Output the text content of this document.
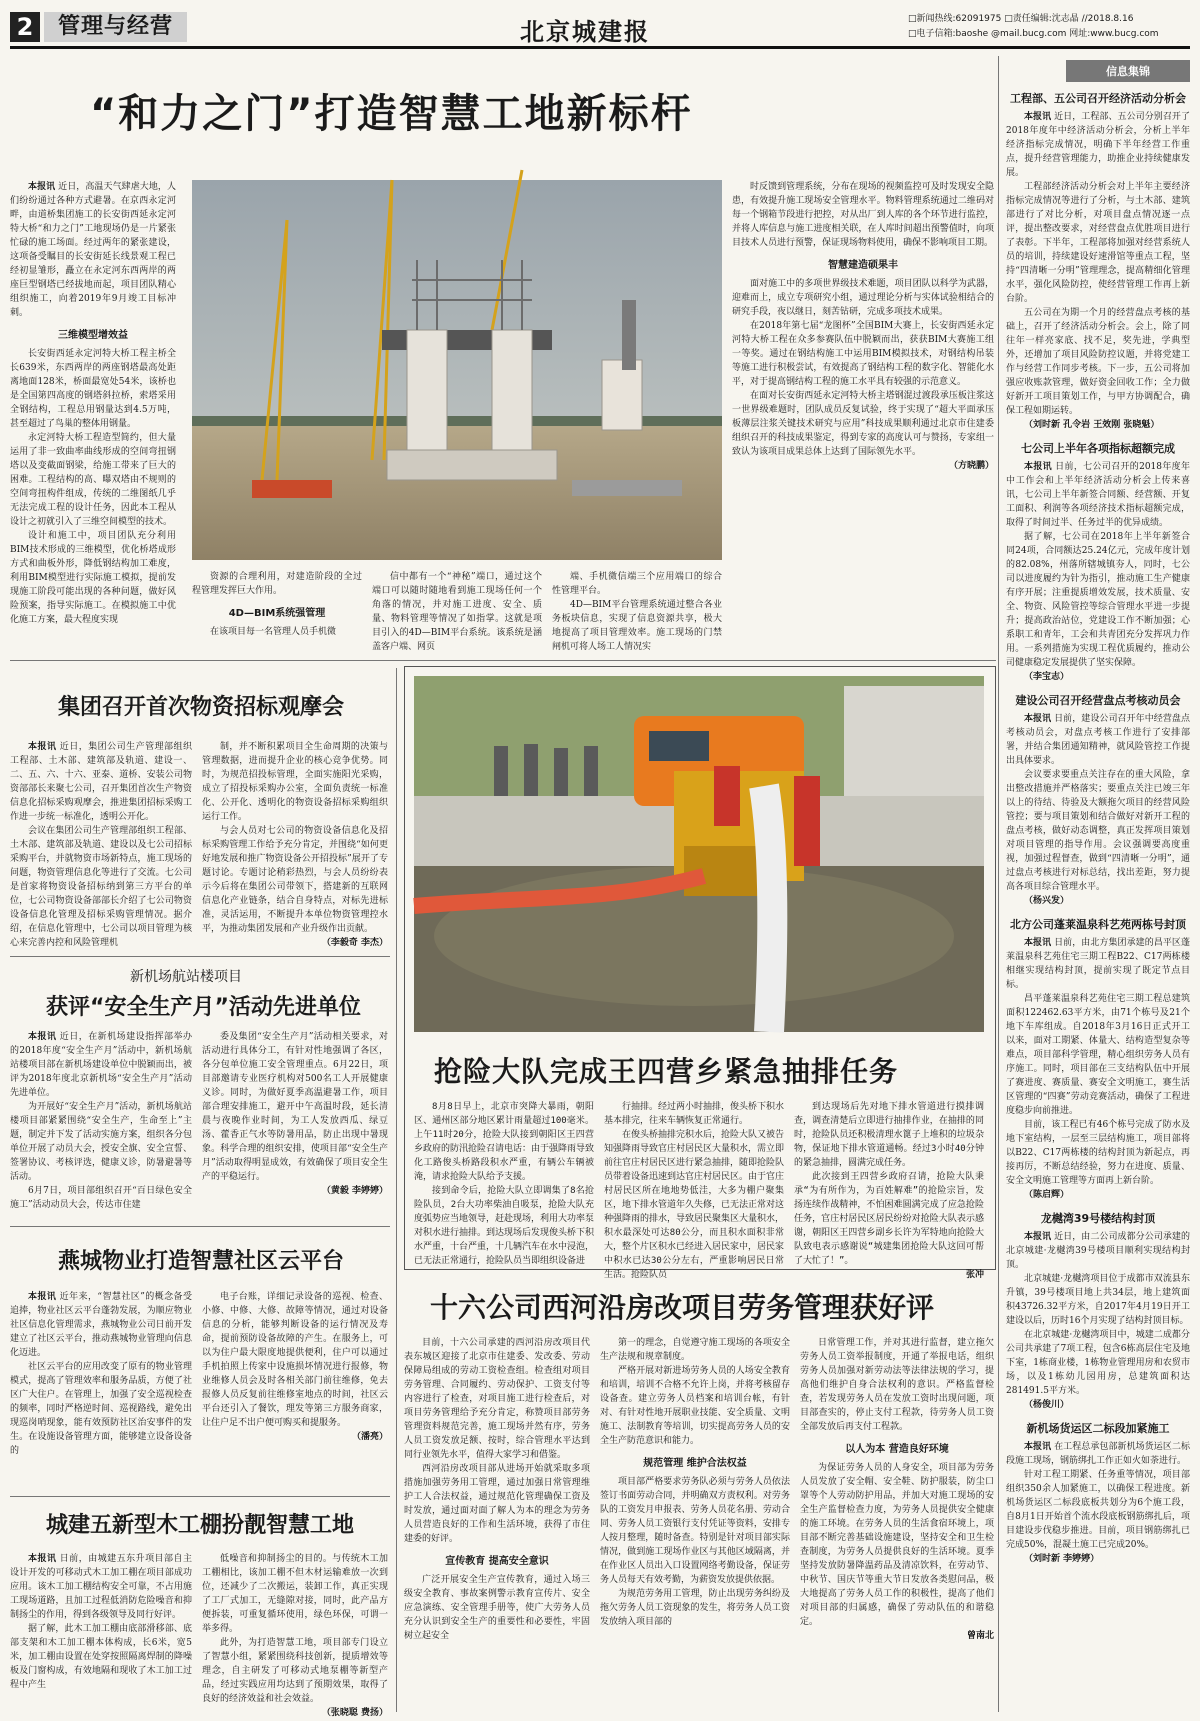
2	管理与经营	北京城建报	□新闻热线:62091975 □责任编辑:沈志晶 //2018.8.16
□电子信箱:baoshe @mail.bucg.com 网址:www.bucg.com
“和力之门”打造智慧工地新标杆

本报讯 近日，高温天气肆虐大地，人们纷纷通过各种方式避暑。在京西永定河畔，由道桥集团施工的长安街西延永定河特大桥“和力之门”工地现场仍是一片紧张忙碌的施工场面。经过两年的紧张建设，这项备受瞩目的长安街延长线景观工程已经初显雏形，矗立在永定河东西两岸的两座巨型钢塔已经拔地而起，项目团队精心组织施工，向着2019年9月竣工目标冲刺。

三维模型增效益

长安街西延永定河特大桥工程主桥全长639米，东西两岸的两座钢塔最高处距离地面128米，桥面最宽处54米，该桥也是全国第四高度的钢塔斜拉桥，索塔采用全钢结构，工程总用钢量达到4.5万吨，甚至超过了鸟巢的整体用钢量。

永定河特大桥工程造型简约，但大量运用了非一致曲率曲线形成的空间弯扭钢塔以及变截面钢梁，给施工带来了巨大的困难。工程结构的高、曝双塔由不规则的空间弯扭构件组成，传统的二维图纸几乎无法完成工程的设计任务，因此本工程从设计之初就引入了三维空间模型的技术。

设计和施工中，项目团队充分利用BIM技术形成的三维模型，优化桥塔成形方式和曲板外形，降低钢结构加工难度，利用BIM模型进行实际施工模拟，提前发现施工阶段可能出现的各种问题，做好风险预案，指导实际施工。在模拟施工中优化施工方案，最大程度实现

资源的合理利用，对建造阶段的全过程管理发挥巨大作用。

4D—BIM系统强管理

在该项目每一名管理人员手机微

信中都有一个“神秘”端口，通过这个端口可以随时随地看到施工现场任何一个角落的情况，并对施工进度、安全、质量、物料管理等情况了如指掌。这就是项目引入的4D—BIM平台系统。该系统是涵盖客户端、网页

端、手机微信端三个应用端口的综合性管理平台。

4D—BIM平台管理系统通过整合各业务板块信息，实现了信息资源共享，极大地提高了项目管理效率。施工现场的门禁闸机可将人场工人情况实

时反馈到管理系统，分布在现场的视频监控可及时发现安全隐患，有效提升施工现场安全管理水平。物料管理系统通过二维码对每一个钢箱节段进行把控，对从出厂到人库的各个环节进行监控，并将人库信息与施工进度相关联，在人库时间超出预警值时，向项目技术人员进行预警，保证现场物料使用，确保不影响项目工期。

智慧建造硕果丰

面对施工中的多项世界级技术难题，项目团队以科学为武器，迎难而上，成立专项研究小组，通过理论分析与实体试验相结合的研究手段，夜以继日，刻苦钻研，完成多项技术成果。

在2018年第七届“龙图杯”全国BIM大赛上，长安街西延永定河特大桥工程在众多参赛队伍中脱颖而出，获获BIM大赛施工组一等奖。通过在钢结构施工中运用BIM模拟技术，对钢结构吊装等施工进行积极尝试，有效提高了钢结构工程的数字化、智能化水平，对于提高钢结构工程的施工水平具有较强的示范意义。

在面对长安街西延永定河特大桥主塔钢混过渡段承压板注浆这一世界级难题时，团队成员反复试验，终于实现了“超大平面承压板薄层注浆关键技术研究与应用”科技成果顺利通过北京市住建委组织召开的科技成果鉴定，得到专家的高度认可与赞扬，专家组一致认为该项目成果总体上达到了国际领先水平。

（方晓鹏）
集团召开首次物资招标观摩会

本报讯 近日，集团公司生产管理部组织工程部、土木部、建筑部及轨道、建设一、二、五、六、十六、亚泰、道桥、安装公司物资部部长来聚七公司，召开集团首次生产物资信息化招标采购观摩会，推进集团招标采购工作进一步统一标准化，透明公开化。

会议在集团公司生产管理部组织工程部、土木部、建筑部及轨道、建设以及七公司招标采购平台，并就物资市场新特点，施工现场的问题，物资管理信息化等进行了交流。七公司是首家将物资设备招标纳到第三方平台的单位，七公司物资设备部部长介绍了七公司物资设备信息化管理及招标采购管理情况。据介绍，在信息化管理中，七公司以项目管理为核心来完善内控和风险管理机

制，并不断积累项目全生命周期的决策与管理数据，进而提升企业的核心竞争优势。同时，为规范招投标管理，全面实施阳光采购，成立了招投标采购办公室，全面负责统一标准化、公开化、透明化的物资设备招标采购组织运行工作。

与会人员对七公司的物资设备信息化及招标采购管理工作给予充分肯定，并围绕“如何更好地发展和推广物资设备公开招投标”展开了专题讨论。专题讨论稍彩热烈，与会人员纷纷表示今后将在集团公司带领下，搭建新的互联网信息化产业链条，结合自身特点，对标先进标准，灵活运用，不断提升本单位物资管理控水平，为推动集团发展和产业升级作出贡献。

（李毅奇 李杰）
新机场航站楼项目
获评“安全生产月”活动先进单位

本报讯 近日，在新机场建设指挥部举办的2018年度“安全生产月”活动中，新机场航站楼项目部在新机场建设单位中脱颖而出，被评为2018年度北京新机场“安全生产月”活动先进单位。

为开展好“安全生产月”活动，新机场航站楼项目部紧紧围绕“安全生产，生命至上”主题，制定并下发了活动实施方案，组织各分包单位开展了动员大会，授安全旗、安全宣誓、签署协议、考核评选，健康义诊，防暑避暑等活动。

6月7日，项目部组织召开“百日绿色安全施工”活动动员大会，传达市住建

委及集团“安全生产月”活动相关要求，对活动进行具体分工，有针对性地强调了各区，各分包单位施工安全管理重点。6月22日，项目部邀请专业医疗机构对500名工人开展健康义诊。同时，为做好夏季高温避暑工作，项目部合理安排施工，避开中午高温时段，延长清晨与夜晚作业时间，为工人发放西瓜、绿豆汤、藿香正气水等防暑用品，防止出现中暑现象。科学合理的组织安排，使项目部“安全生产月”活动取得明显成效，有效确保了项目安全生产的平稳运行。

（黄毅 李婷婷）
燕城物业打造智慧社区云平台

本报讯 近年来，“智慧社区”的概念备受追捧，物业社区云平台蓬勃发展，为顺应物业社区信息化管理需求，燕城物业公司日前开发建立了社区云平台，推动燕城物业管理向信息化迈进。

社区云平台的应用改变了原有的物业管理模式，提高了管理效率和服务品质，方便了社区广大住户。在管理上，加强了安全巡视检查的频率，同时严格逆时间、巡视路线，避免出现巡岗哨现象，能有效预防社区治安事件的发生。在设施设备管理方面，能够建立设备设备的

电子台账，详细记录设备的巡视、检查、小修、中修、大修、故障等情况，通过对设备信息的分析，能够判断设备的运行情况及寿命，提前预防设备故障的产生。在服务上，可以为住户最大限度地提供便利，住户可以通过手机拍照上传家中设施损坏情况进行报修，物业维修人员会及时各相关部门前往维修，免去报修人员反复前往维修室地点的时间，社区云平台还引入了餐饮，理发等第三方服务商家，让住户足不出户便可购买和提服务。

（潘亮）
城建五新型木工棚扮靓智慧工地

本报讯 日前，由城建五东升项目部自主设计开发的可移动式木工加工棚在项目部成功应用。该木工加工棚结构安全可靠，不占用施工现场道路，且加工过程低消防危险噪音和抑制扬尘的作用，得到各级领导及同行好评。

据了解，此木工加工棚由底部滑移部、底部支架和木工加工棚本体构成，长6米，宽5米，加工棚由设置在处穿按照隔离焊制的降噪板及门窗构成，有效地隔和现收了木工加工过程中产生

低噪音和抑制扬尘的目的。与传统木工加工棚相比，该加工棚不但木材运输难放一次到位，还减少了二次搬运，装卸工作，真正实现了工厂式加工，无缝隙对接，同时，此产品方便拆装，可重复循环使用，绿色环保，可谓一举多得。

此外，为打造智慧工地，项目部专门设立了智慧小组，紧紧围绕科技创新，提质增效等理念，自主研发了可移动式地泵棚等新型产品，经过实践应用均达到了预期效果，取得了良好的经济效益和社会效益。

（张晓聪 费扬）
抢险大队完成王四营乡紧急抽排任务

8月8日早上，北京市突降大暴雨，朝阳区、通州区部分地区累计雨量超过100毫米。上午11时20分，抢险大队接到朝阳区王四营乡政府的防汛抢险召请电话：由于强降雨导致化工路俊头桥路段积水严重，有辆公车辆被淹，请求抢险大队给予支援。

接到命令后，抢险大队立即调集了8名抢险队员，2台大功率柴油自吸泵，抢险大队充度弧势应当地领导，赶赴现场，利用大功率泵对积水进行抽排。到达现场后发现俊头桥下积水严重，十台严重，十几辆汽车在水中浸泡，已无法正常通行，抢险队员当即组织设备进

行抽排。经过两小时抽排，俊头桥下积水基本排完，往来车辆恢复正常通行。

在俊头桥抽排完积水后，抢险大队又被告知强降雨导致官庄村居民区大量积水，需立即前往官庄村居民区进行紧急抽排，随即抢险队员带着设备迅速到达官庄村居民区。由于官庄村居民区所在地地势低洼，大多为棚户聚集区，地下排水管道年久失修，已无法正常对这种强降雨的排水，导致居民聚集区大量积水，积水最深处可达80公分，而且积水面积非常大，整个片区积水已经进入居民家中，居民家中积水已达30公分左右，严重影响居民日常生活。抢险队员

到达现场后先对地下排水管道进行摸排调查，调查清楚后立即进行抽排作业，在抽排的同时，抢险队员还积极清理水篦子上堆积的垃圾杂物，保证地下排水管道通畅。经过3小时40分钟的紧急抽排，圆满完成任务。

此次接到王四营乡政府召请，抢险大队秉承“为有所作为，为百姓解难”的抢险宗旨，发扬连续作战精神，不怕困难圆满完成了应急抢险任务，官庄村居民区居民纷纷对抢险大队表示感谢，朝阳区王四营乡副乡长许为军特地向抢险大队致电表示感谢说“城建集团抢险大队这回可帮了大忙了！”。

张冲
十六公司西河沿房改项目劳务管理获好评

目前，十六公司承建的西河沿房改项目代表东城区迎接了北京市住建委、发改委、劳动保障局组成的劳动工资检查组。检查组对项目劳务管理、合同履约、劳动保护、工资支付等内容进行了检查，对项目施工进行检查后，对项目劳务管理给予充分肯定，称赞项目部劳务管理资料规范完善，施工现场并然有序，劳务人员工资发放足额、按时，综合管理水平达到同行业领先水平，值得大家学习和借鉴。

西河沿房改项目部从进场开始就采取多项措施加强劳务用工管理，通过加强日常管理维护工人合法权益，通过规范化管理确保工资及时发放，通过面对面了解人为本的理念为劳务人员营造良好的工作和生活环境，获得了市住建委的好评。

宣传教育 提高安全意识

广泛开展安全生产宣传教育，通过入场三级安全教育、事故案例警示教育宣传片、安全应急演练、安全管理手册等，使广大劳务人员充分认识到安全生产的重要性和必要性，牢固树立起安全

第一的理念，自觉遵守施工现场的各项安全生产法规和规章制度。

严格开展对新进场劳务人员的人场安全教育和培训，培训不合格不允许上岗，并将考核留存设备查。建立劳务人员档案和培训台帐，有针对、有针对性地开展职业技能、安全质量、文明施工、法制教育等培训，切实提高劳务人员的安全生产防范意识和能力。

规范管理 维护合法权益

项目部严格要求劳务队必须与劳务人员依法签订书面劳动合同，并明确双方责权利。对劳务队的工资发月申报表、劳务人员花名册、劳动合同、劳务人员工资银行支付凭证等资料，安排专人按月整理，随时备查。特别是针对项目部实际情况，做到施工现场作业区与其他区域隔离，并在作业区人员出入口设置网络考勤设备，保证劳务人员每天有效考勤，为薪资发放提供依据。

为规范劳务用工管理，防止出现劳务纠纷及拖欠劳务人员工资现象的发生，将劳务人员工资发放纳入项目部的

日常管理工作，并对其进行监督，建立拖欠劳务人员工资举报制度，开通了举报电话，组织劳务人员加强对新劳动法等法律法规的学习，提高他们维护自身合法权利的意识。严格监督检查，若发现劳务人员在发放工资时出现问题，项目部查实的，停止支付工程款，待劳务人员工资全部发放后再支付工程款。

以人为本 营造良好环境

为保证劳务人员的人身安全，项目部为劳务人员发放了安全帽、安全鞋、防护服装，防尘口罩等个人劳动防护用品，并加大对施工现场的安全生产监督检查力度，为劳务人员提供安全健康的施工环境。在劳务人员的生活食宿环境上，项目部不断完善基础设施建设，坚持安全和卫生检查制度，为劳务人员提供良好的生活环境。夏季坚持发放防暑降温药品及清凉饮料，在劳动节、中秋节、国庆节等重大节日发放各类慰问品，极大地提高了劳务人员工作的积极性，提高了他们对项目部的归属感，确保了劳动队伍的和谐稳定。

曾南北
信息集锦
工程部、五公司召开经济活动分析会

本报讯 近日，工程部、五公司分别召开了2018年度年中经济活动分析会，分析上半年经济指标完成情况，明确下半年经营工作重点，提升经营管理能力，助推企业持续健康发展。

工程部经济活动分析会对上半年主要经济指标完成情况等进行了分析，与土木部、建筑部进行了对比分析，对项目盘点情况逐一点评，提出整改要求，对经营盘点优胜项目进行了表彰。下半年，工程部将加强对经营系统人员的培训，持续建设好速滑馆等重点工程，坚持“四清晰一分明”管理理念，提高精细化管理水平，强化风险防控，使经营管理工作再上新台阶。

五公司在为期一个月的经营盘点考核的基础上，召开了经济活动分析会。会上，除了同往年一样亮家底、找不足，奖先进，学典型外，还增加了项目风险防控议题，并将党建工作与经营工作同步考核。下一步，五公司将加强应收账款管理，做好资金回收工作；全力做好新开工项目策划工作，与甲方协调配合，确保工程如期运转。

（刘时新 孔令岩 王效刚 张晓魁）
七公司上半年各项指标超额完成

本报讯 日前，七公司召开的2018年度年中工作会和上半年经济活动分析会上传来喜讯，七公司上半年新签合同额、经营额、开复工面积、利润等各项经济技术指标超额完成，取得了时间过半、任务过半的优异成绩。

据了解，七公司在2018年上半年新签合同24项，合同额达25.24亿元，完成年度计划的82.08%，州落所辖城镇夯人，同时，七公司以进度履约为针为指引，推动施工生产健康有序开展；注重提质增效发展，技术质量、安全、物资、风险管控等综合管理水平进一步提升；提高政治站位，党建设工作不断加强；心系职工和青年，工会和共青团充分发挥巩力作用。一系列措施为实现工程优质履约，推动公司健康稳定发展提供了坚实保障。

（李宝志）
建设公司召开经营盘点考核动员会

本报讯 日前，建设公司召开年中经营盘点考核动员会，对盘点考核工作进行了安排部署，并结合集团通知精神，就风险管控工作提出具体要求。

会议要求要重点关注存在的重大风险，拿出整改措施并严格落实；要重点关注已竣三年以上的待结、待验及大额拖欠项目的经营风险管控；要与项目策划和结合做好对新开工程的盘点考核，做好动态调整，真正发挥项目策划对项目管理的指导作用。会议强调要高度重视，加强过程督查，做到“四清晰一分明”，通过盘点考核进行对标总结，找出差距，努力提高各项目综合管理水平。

（杨兴发）
北方公司蓬莱温泉科艺苑两栋号封顶

本报讯 日前，由北方集团承建的昌平区蓬莱温泉科艺苑住宅三期工程B22、C17两栋楼相继实现结构封顶，提前实现了既定节点目标。

昌平蓬莱温泉科艺苑住宅三期工程总建筑面积122462.63平方米，由71个栋号及21个地下车库组成。自2018年3月16日正式开工以来，面对工期紧、体量大、结构造型复杂等难点，项目部科学管理，精心组织劳务人员有序施工。同时，项目部在三支结构队伍中开展了赛进度、赛质量、赛安全文明施工，赛生活区管理的“四赛”劳动竞赛活动，确保了工程进度稳步向前推进。

目前，该工程已有46个栋号完成了防水及地下室结构，一层至三层结构施工，项目部将以B22、C17两栋楼的结构封顶为新起点，再接再厉，不断总结经验，努力在进度、质量、安全文明施工管理等方面再上新台阶。

（陈启辉）
龙樾湾39号楼结构封顶

本报讯 近日，由二公司成都分公司承建的北京城建·龙樾湾39号楼项目顺利实现结构封顶。

北京城建·龙樾湾项目位于成都市双流县东升镇，39号楼项目地上共34层，地上建筑面积43726.32平方米，自2017年4月19日开工建设以后，历时16个月实现了结构封顶目标。

在北京城建·龙樾湾项目中，城建二成都分公司共承建了7项工程，包含6栋高层住宅及地下室，1栋商业楼，1栋物业管理用房和农贸市场，以及1栋幼儿园用房，总建筑面积达281491.5平方米。

（杨俊川）
新机场货运区二标段加紧施工

本报讯 在工程总承包部新机场货运区二标段施工现场，钢筋绑扎工作正如火如荼进行。

针对工程工期紧、任务重等情况，项目部组织350余人加紧施工，以确保工程进度。新机场货运区二标段底板共划分为6个施工段，自8月1日开始首个流水段底板钢筋绑扎后，项目建设步伐稳步推进。目前，项目钢筋绑扎已完成50%，混凝土施工已完成20%。

（刘时新 李婷婷）
